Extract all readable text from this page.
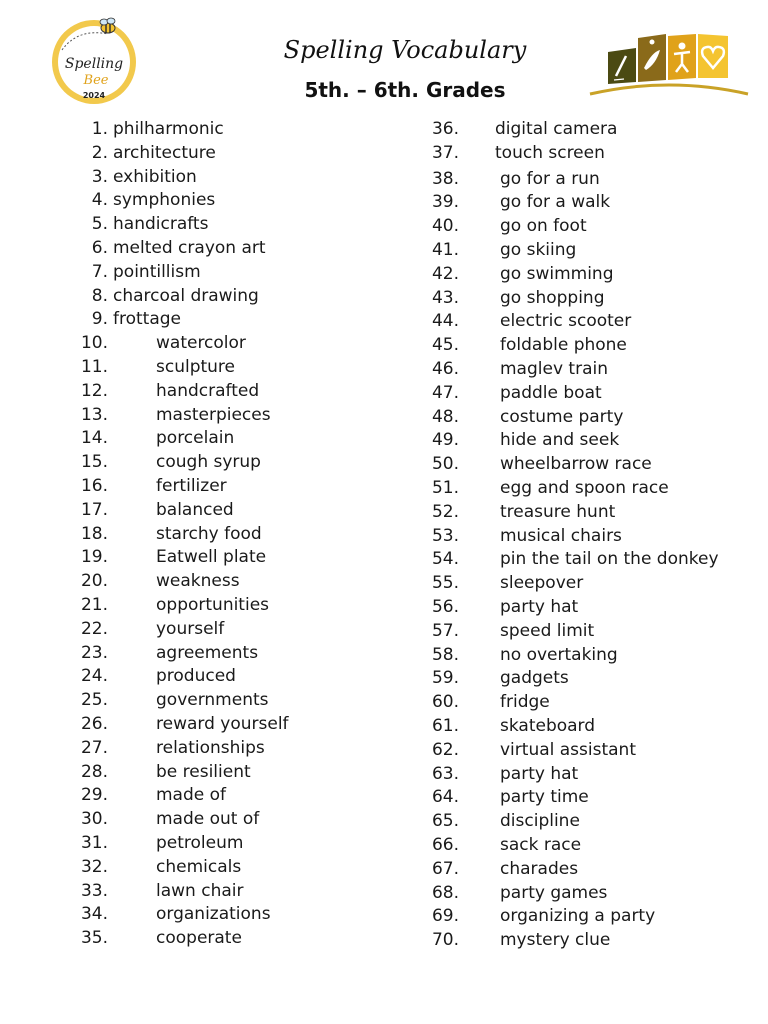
Spelling
Bee
2024
Spelling Vocabulary
5th. – 6th. Grades
1. philharmonic
2. architecture
3. exhibition
4. symphonies
5. handicrafts
6. melted crayon art
7. pointillism
8. charcoal drawing
9. frottage
10.	watercolor
11.	sculpture
12.	handcrafted
13.	masterpieces
14.	porcelain
15.	cough syrup
16.	fertilizer
17.	balanced
18.	starchy food
19.	Eatwell plate
20.	weakness
21.	opportunities
22.	yourself
23.	agreements
24.	produced
25.	governments
26.	reward yourself
27.	relationships
28.	be resilient
29.	made of
30.	made out of
31.	petroleum
32.	chemicals
33.	lawn chair
34.	organizations
35.	cooperate
36. digital camera
37. touch screen
38. go for a run
39. go for a walk
40. go on foot
41. go skiing
42. go swimming
43. go shopping
44. electric scooter
45. foldable phone
46. maglev train
47. paddle boat
48. costume party
49. hide and seek
50. wheelbarrow race
51. egg and spoon race
52. treasure hunt
53. musical chairs
54. pin the tail on the donkey
55. sleepover
56. party hat
57. speed limit
58. no overtaking
59. gadgets
60. fridge
61. skateboard
62. virtual assistant
63. party hat
64. party time
65. discipline
66. sack race
67. charades
68. party games
69. organizing a party
70. mystery clue
